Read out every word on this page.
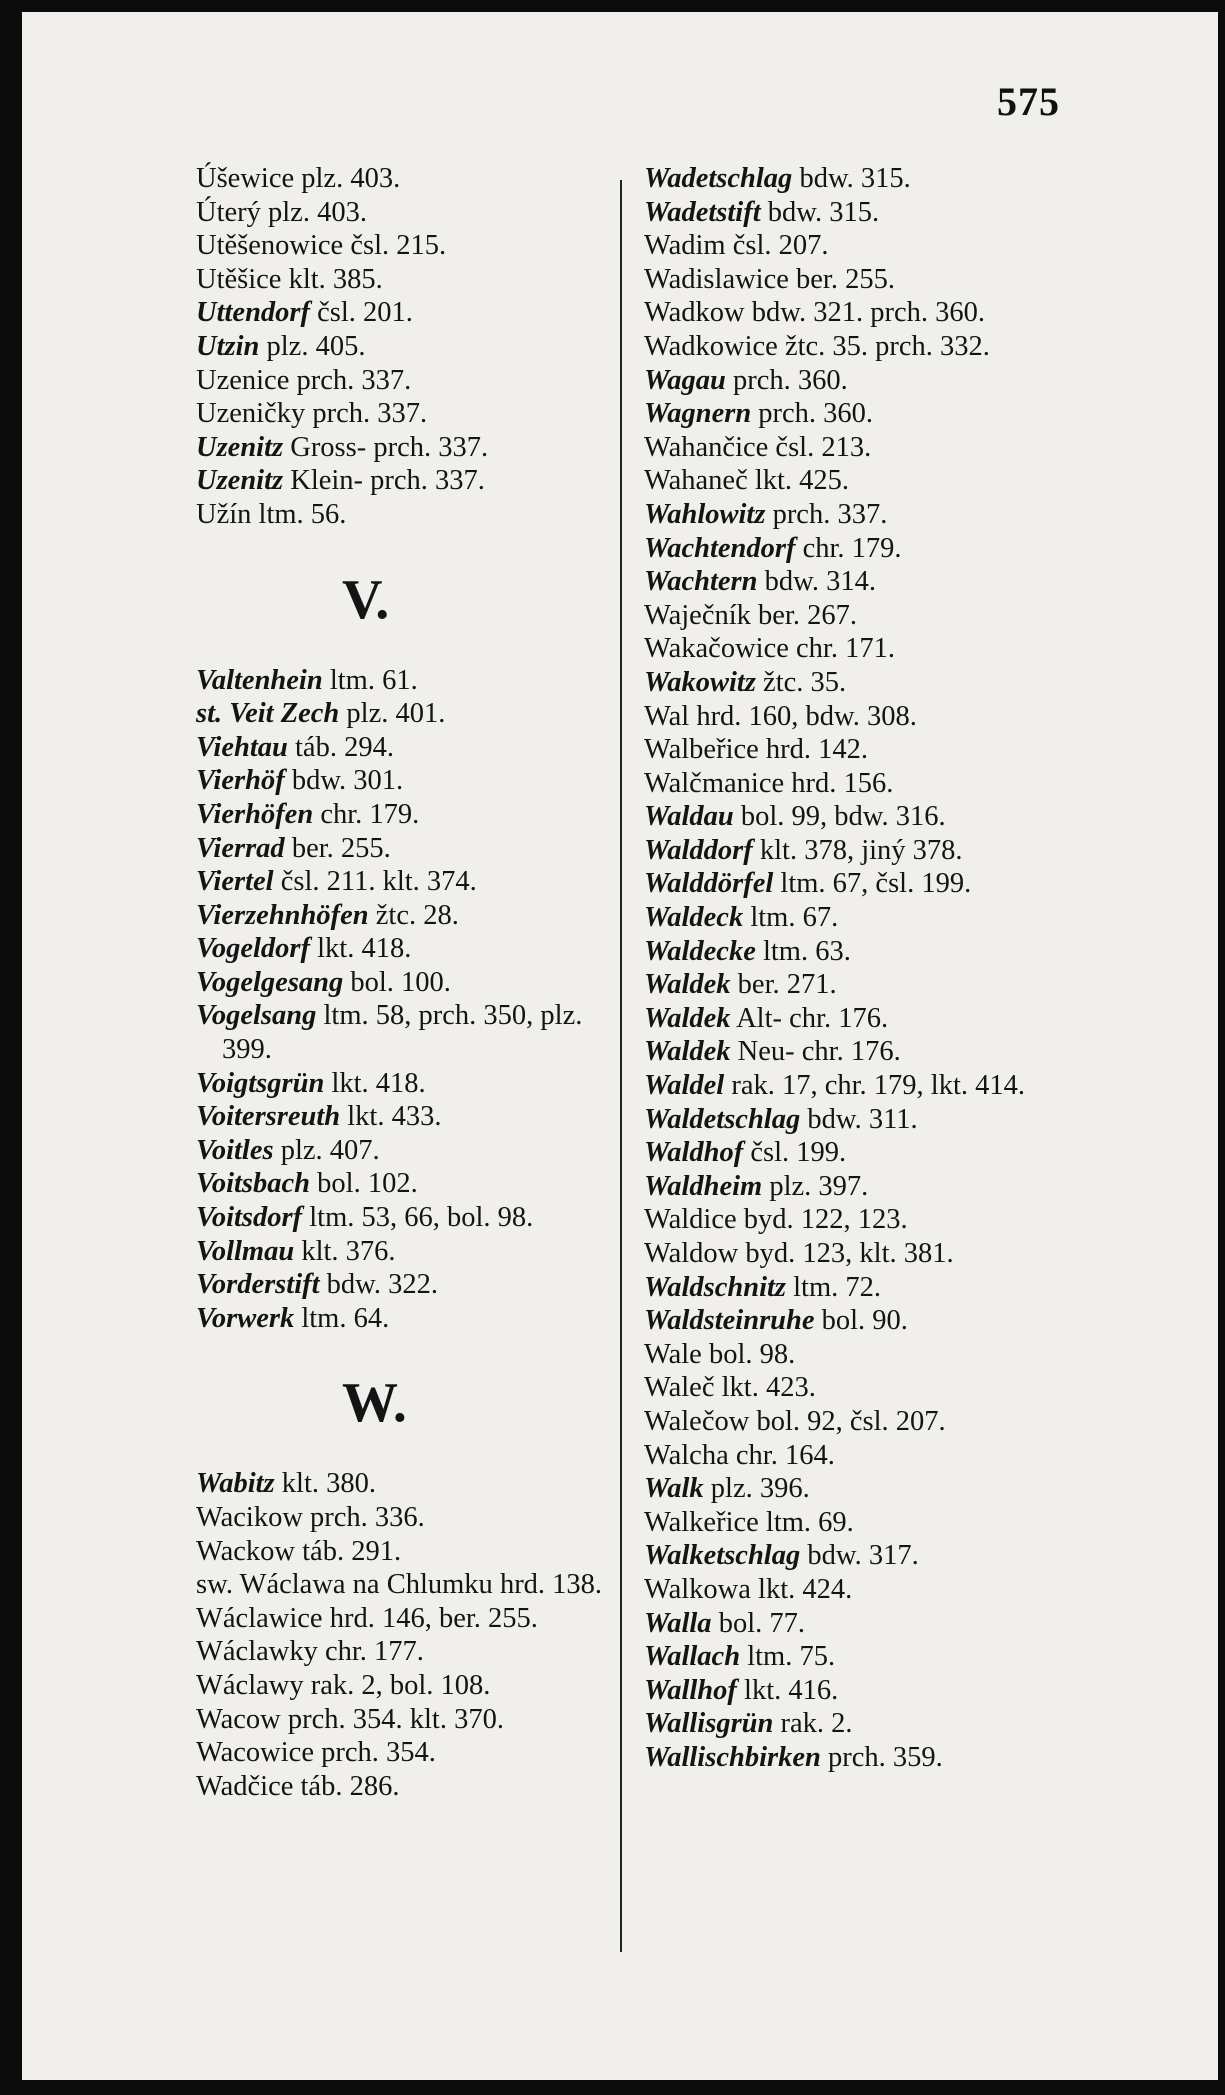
575
Úšewice plz. 403.
Úterý plz. 403.
Utěšenowice čsl. 215.
Utěšice klt. 385.
Uttendorf čsl. 201.
Utzin plz. 405.
Uzenice prch. 337.
Uzeničky prch. 337.
Uzenitz Gross- prch. 337.
Uzenitz Klein- prch. 337.
Užín ltm. 56.
V.
Valtenhein ltm. 61.
st. Veit Zech plz. 401.
Viehtau táb. 294.
Vierhöf bdw. 301.
Vierhöfen chr. 179.
Vierrad ber. 255.
Viertel čsl. 211. klt. 374.
Vierzehnhöfen žtc. 28.
Vogeldorf lkt. 418.
Vogelgesang bol. 100.
Vogelsang ltm. 58, prch. 350, plz. 399.
Voigtsgrün lkt. 418.
Voitersreuth lkt. 433.
Voitles plz. 407.
Voitsbach bol. 102.
Voitsdorf ltm. 53, 66, bol. 98.
Vollmau klt. 376.
Vorderstift bdw. 322.
Vorwerk ltm. 64.
W.
Wabitz klt. 380.
Wacikow prch. 336.
Wackow táb. 291.
sw. Wáclawa na Chlumku hrd. 138.
Wáclawice hrd. 146, ber. 255.
Wáclawky chr. 177.
Wáclawy rak. 2, bol. 108.
Wacow prch. 354. klt. 370.
Wacowice prch. 354.
Wadčice táb. 286.
Wadetschlag bdw. 315.
Wadetstift bdw. 315.
Wadim čsl. 207.
Wadislawice ber. 255.
Wadkow bdw. 321. prch. 360.
Wadkowice žtc. 35. prch. 332.
Wagau prch. 360.
Wagnern prch. 360.
Wahančice čsl. 213.
Wahaneč lkt. 425.
Wahlowitz prch. 337.
Wachtendorf chr. 179.
Wachtern bdw. 314.
Waječník ber. 267.
Wakačowice chr. 171.
Wakowitz žtc. 35.
Wal hrd. 160, bdw. 308.
Walbeřice hrd. 142.
Walčmanice hrd. 156.
Waldau bol. 99, bdw. 316.
Walddorf klt. 378, jiný 378.
Walddörfel ltm. 67, čsl. 199.
Waldeck ltm. 67.
Waldecke ltm. 63.
Waldek ber. 271.
Waldek Alt- chr. 176.
Waldek Neu- chr. 176.
Waldel rak. 17, chr. 179, lkt. 414.
Waldetschlag bdw. 311.
Waldhof čsl. 199.
Waldheim plz. 397.
Waldice byd. 122, 123.
Waldow byd. 123, klt. 381.
Waldschnitz ltm. 72.
Waldsteinruhe bol. 90.
Wale bol. 98.
Waleč lkt. 423.
Walečow bol. 92, čsl. 207.
Walcha chr. 164.
Walk plz. 396.
Walkeřice ltm. 69.
Walketschlag bdw. 317.
Walkowa lkt. 424.
Walla bol. 77.
Wallach ltm. 75.
Wallhof lkt. 416.
Wallisgrün rak. 2.
Wallischbirken prch. 359.
